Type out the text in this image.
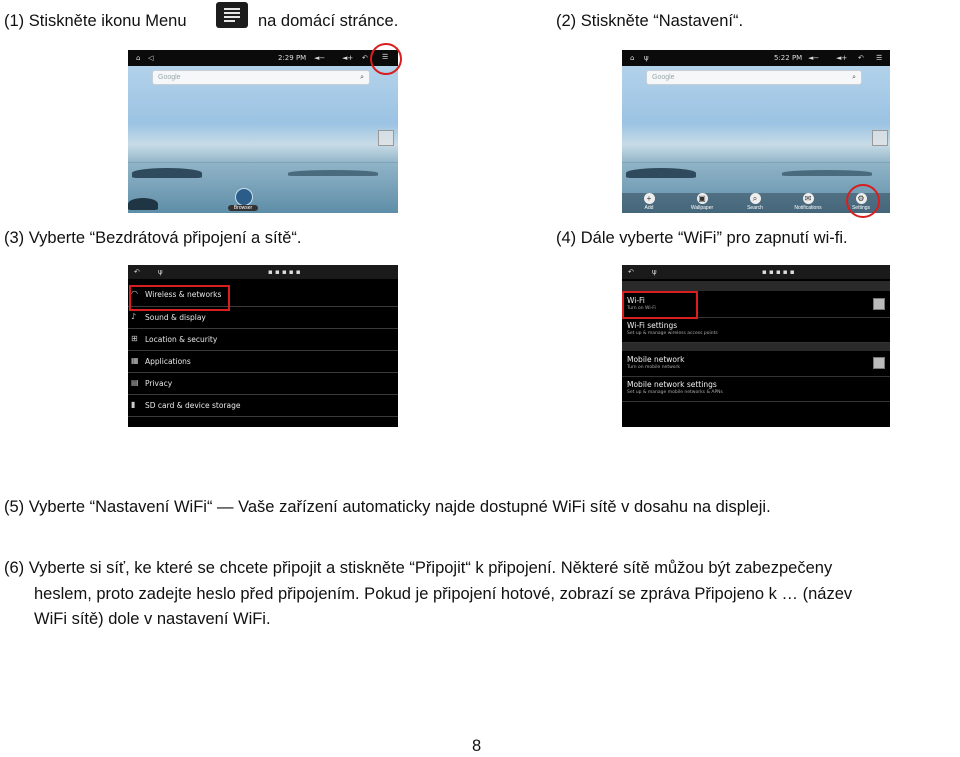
(1) Stiskněte ikonu Menu	na domácí stránce.	(2) Stiskněte “Nastavení“.
⌂ ◁	2:29 PM ◄− ◄+ ↶ ☰
Google	⌕
Browser
⌂ ψ	5:22 PM ◄− ◄+ ↶ ☰
Google	⌕
+
Add
▣
Wallpaper
⌕
Search
✉
Notifications
⚙
Settings
(3) Vyberte “Bezdrátová připojení a sítě“.	(4) Dále vyberte “WiFi” pro zapnutí wi-fi.
↶	ψ	▪ ▪ ▪ ▪ ▪
◠ Wireless & networks
♪	Sound & display
⊞ Location & security
▦ Applications
▤ Privacy
▮	SD card & device storage
↶	ψ	▪ ▪ ▪ ▪ ▪
Wi-Fi
Turn on Wi-Fi
Wi-Fi settings
Set up & manage wireless access points
Mobile network
Turn on mobile network
Mobile network settings
Set up & manage mobile networks & APNs
(5) Vyberte “Nastavení WiFi“ — Vaše zařízení automaticky najde dostupné WiFi sítě v dosahu na displeji.
(6) Vyberte si síť, ke které se chcete připojit a stiskněte “Připojit“ k připojení. Některé sítě můžou být zabezpečeny
heslem, proto zadejte heslo před připojením. Pokud je připojení hotové, zobrazí se zpráva Připojeno k … (název
WiFi sítě) dole v nastavení WiFi.
8
